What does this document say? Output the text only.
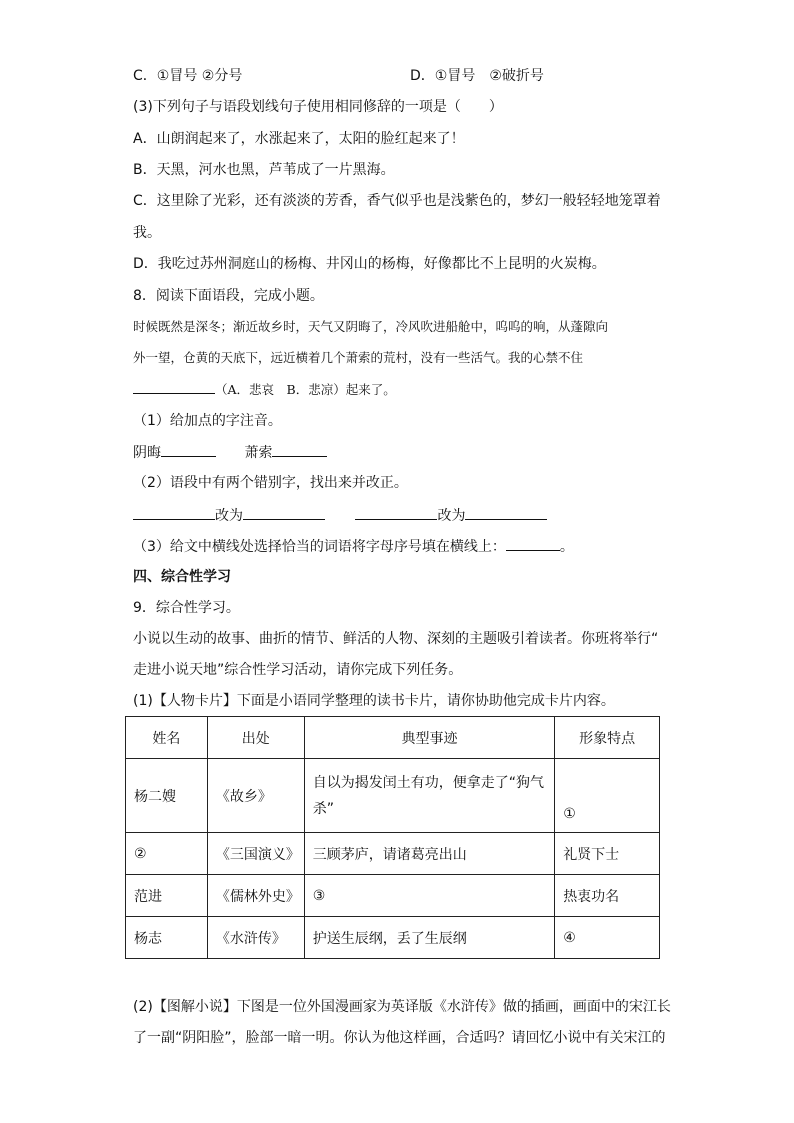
C．①冒号 ②分号	D．①冒号　②破折号
(3)下列句子与语段划线句子使用相同修辞的一项是（　　）
A．山朗润起来了，水涨起来了，太阳的脸红起来了！
B．天黑，河水也黑，芦苇成了一片黑海。
C．这里除了光彩，还有淡淡的芳香，香气似乎也是浅紫色的，梦幻一般轻轻地笼罩着
我。
D．我吃过苏州洞庭山的杨梅、井冈山的杨梅，好像都比不上昆明的火炭梅。
8．阅读下面语段，完成小题。
时候既然是深冬；渐近故乡时，天气又阴晦了，冷风吹进船舱中，呜呜的响，从蓬隙向
外一望，仓黄的天底下，远近横着几个萧索的荒村，没有一些活气。我的心禁不住
（A．悲哀　B．悲凉）起来了。
（1）给加点的字注音。
阴晦	萧索
（2）语段中有两个错别字，找出来并改正。
改为	改为
（3）给文中横线处选择恰当的词语将字母序号填在横线上：	。
四、综合性学习
9．综合性学习。
小说以生动的故事、曲折的情节、鲜活的人物、深刻的主题吸引着读者。你班将举行“
走进小说天地”综合性学习活动，请你完成下列任务。
(1)【人物卡片】下面是小语同学整理的读书卡片，请你协助他完成卡片内容。
姓名	出处	典型事迹	形象特点
杨二嫂	《故乡》	自以为揭发闰土有功，便拿走了“狗气杀”	①
②	《三国演义》	三顾茅庐，请诸葛亮出山	礼贤下士
范进	《儒林外史》	③	热衷功名
杨志	《水浒传》	护送生辰纲，丢了生辰纲	④
(2)【图解小说】下图是一位外国漫画家为英译版《水浒传》做的插画，画面中的宋江长
了一副“阴阳脸”，脸部一暗一明。你认为他这样画，合适吗？请回忆小说中有关宋江的
